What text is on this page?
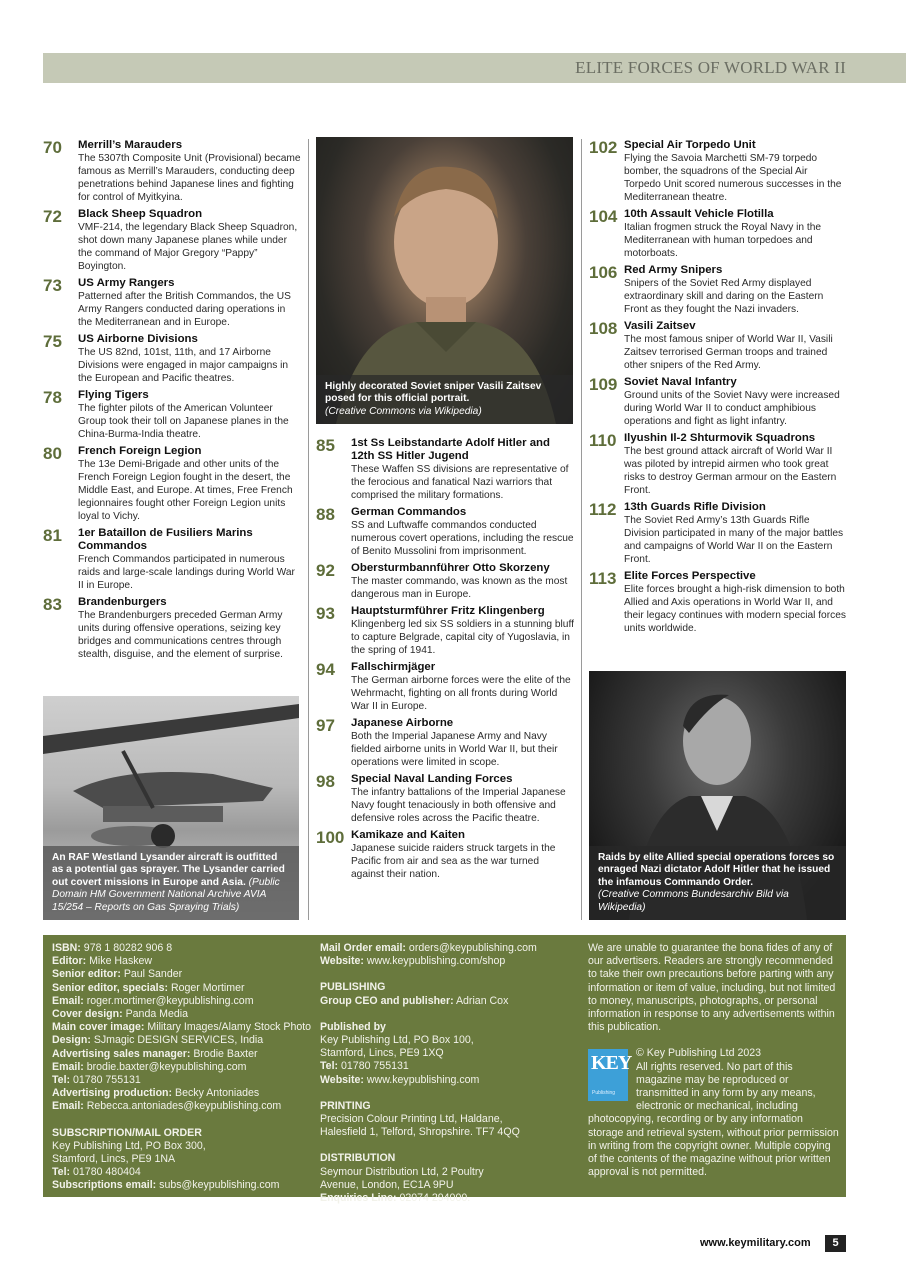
ELITE FORCES OF WORLD WAR II
70	Merrill’s Marauders
The 5307th Composite Unit (Provisional) became famous as Merrill’s Marauders, conducting deep penetrations behind Japanese lines and fighting for control of Myitkyina.
72	Black Sheep Squadron
VMF-214, the legendary Black Sheep Squadron, shot down many Japanese planes while under the command of Major Gregory “Pappy” Boyington.
73	US Army Rangers
Patterned after the British Commandos, the US Army Rangers conducted daring operations in the Mediterranean and in Europe.
75	US Airborne Divisions
The US 82nd, 101st, 11th, and 17 Airborne Divisions were engaged in major campaigns in the European and Pacific theatres.
78	Flying Tigers
The fighter pilots of the American Volunteer Group took their toll on Japanese planes in the China-Burma-India theatre.
80	French Foreign Legion
The 13e Demi-Brigade and other units of the French Foreign Legion fought in the desert, the Middle East, and Europe. At times, Free French legionnaires fought other Foreign Legion units loyal to Vichy.
81	1er Bataillon de Fusiliers Marins Commandos
French Commandos participated in numerous raids and large-scale landings during World War II in Europe.
83	Brandenburgers
The Brandenburgers preceded German Army units during offensive operations, seizing key bridges and communications centres through stealth, disguise, and the element of surprise.
85	1st Ss Leibstandarte Adolf Hitler and 12th SS Hitler Jugend
These Waffen SS divisions are representative of the ferocious and fanatical Nazi warriors that comprised the military formations.
88	German Commandos
SS and Luftwaffe commandos conducted numerous covert operations, including the rescue of Benito Mussolini from imprisonment.
92	Obersturmbannführer Otto Skorzeny
The master commando, was known as the most dangerous man in Europe.
93	Hauptsturmführer Fritz Klingenberg
Klingenberg led six SS soldiers in a stunning bluff to capture Belgrade, capital city of Yugoslavia, in the spring of 1941.
94	Fallschirmjäger
The German airborne forces were the elite of the Wehrmacht, fighting on all fronts during World War II in Europe.
97	Japanese Airborne
Both the Imperial Japanese Army and Navy fielded airborne units in World War II, but their operations were limited in scope.
98	Special Naval Landing Forces
The infantry battalions of the Imperial Japanese Navy fought tenaciously in both offensive and defensive roles across the Pacific theatre.
100 Kamikaze and Kaiten
Japanese suicide raiders struck targets in the Pacific from air and sea as the war turned against their nation.
102 Special Air Torpedo Unit
Flying the Savoia Marchetti SM-79 torpedo bomber, the squadrons of the Special Air Torpedo Unit scored numerous successes in the Mediterranean theatre.
104 10th Assault Vehicle Flotilla
Italian frogmen struck the Royal Navy in the Mediterranean with human torpedoes and motorboats.
106 Red Army Snipers
Snipers of the Soviet Red Army displayed extraordinary skill and daring on the Eastern Front as they fought the Nazi invaders.
108 Vasili Zaitsev
The most famous sniper of World War II, Vasili Zaitsev terrorised German troops and trained other snipers of the Red Army.
109 Soviet Naval Infantry
Ground units of the Soviet Navy were increased during World War II to conduct amphibious operations and fight as light infantry.
110 Ilyushin Il-2 Shturmovik Squadrons
The best ground attack aircraft of World War II was piloted by intrepid airmen who took great risks to destroy German armour on the Eastern Front.
112 13th Guards Rifle Division
The Soviet Red Army’s 13th Guards Rifle Division participated in many of the major battles and campaigns of World War II on the Eastern Front.
113 Elite Forces Perspective
Elite forces brought a high-risk dimension to both Allied and Axis operations in World War II, and their legacy continues with modern special forces units worldwide.
Highly decorated Soviet sniper Vasili Zaitsev posed for this official portrait.
(Creative Commons via Wikipedia)
An RAF Westland Lysander aircraft is outfitted as a potential gas sprayer. The Lysander carried out covert missions in Europe and Asia. (Public Domain HM Government National Archive AVIA 15/254 – Reports on Gas Spraying Trials)
Raids by elite Allied special operations forces so enraged Nazi dictator Adolf Hitler that he issued the infamous Commando Order.
(Creative Commons Bundesarchiv Bild via Wikipedia)
ISBN: 978 1 80282 906 8
Editor: Mike Haskew
Senior editor: Paul Sander
Senior editor, specials: Roger Mortimer
Email: roger.mortimer@keypublishing.com
Cover design: Panda Media
Main cover image: Military Images/Alamy Stock Photo
Design: SJmagic DESIGN SERVICES, India
Advertising sales manager: Brodie Baxter
Email: brodie.baxter@keypublishing.com
Tel: 01780 755131
Advertising production: Becky Antoniades
Email: Rebecca.antoniades@keypublishing.com
SUBSCRIPTION/MAIL ORDER
Key Publishing Ltd, PO Box 300,
Stamford, Lincs, PE9 1NA
Tel: 01780 480404
Subscriptions email: subs@keypublishing.com
Mail Order email: orders@keypublishing.com
Website: www.keypublishing.com/shop
PUBLISHING
Group CEO and publisher: Adrian Cox
Published by
Key Publishing Ltd, PO Box 100,
Stamford, Lincs, PE9 1XQ
Tel: 01780 755131
Website: www.keypublishing.com
PRINTING
Precision Colour Printing Ltd, Haldane,
Halesfield 1, Telford, Shropshire. TF7 4QQ
DISTRIBUTION
Seymour Distribution Ltd, 2 Poultry
Avenue, London, EC1A 9PU
Enquiries Line: 02074 294000.
We are unable to guarantee the bona fides of any of our advertisers. Readers are strongly recommended to take their own precautions before parting with any information or item of value, including, but not limited to money, manuscripts, photographs, or personal information in response to any advertisements within this publication.
KEY
Publishing
© Key Publishing Ltd 2023
All rights reserved. No part of this magazine may be reproduced or transmitted in any form by any means, electronic or mechanical, including photocopying, recording or by any information storage and retrieval system, without prior permission in writing from the copyright owner. Multiple copying of the contents of the magazine without prior written approval is not permitted.
www.keymilitary.com	5
